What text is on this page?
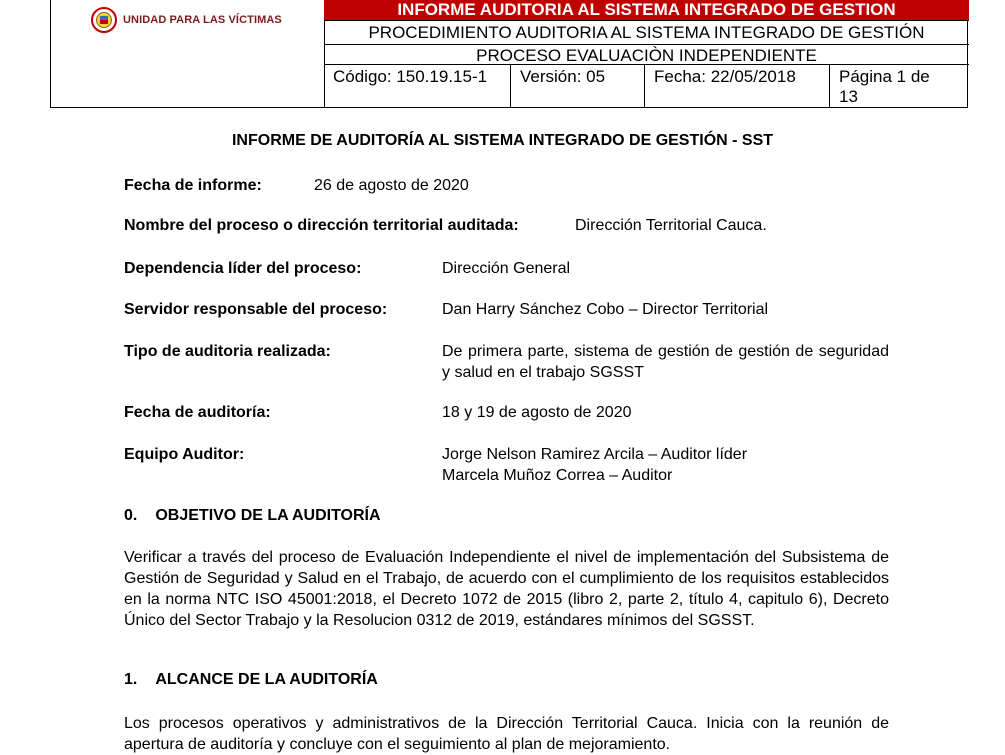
UNIDAD PARA LAS VÍCTIMAS
INFORME AUDITORIA AL SISTEMA INTEGRADO DE GESTION
PROCEDIMIENTO AUDITORIA AL SISTEMA INTEGRADO DE GESTIÓN
PROCESO EVALUACIÒN INDEPENDIENTE
Código: 150.19.15-1	Versión: 05	Fecha: 22/05/2018	Página 1 de
13
INFORME DE AUDITORÍA AL SISTEMA INTEGRADO DE GESTIÓN - SST
Fecha de informe:	26 de agosto de 2020
Nombre del proceso o dirección territorial auditada:	Dirección Territorial Cauca.
Dependencia líder del proceso:	Dirección General
Servidor responsable del proceso:	Dan Harry Sánchez Cobo – Director Territorial
Tipo de auditoria realizada:	De primera parte, sistema de gestión de gestión de seguridad y salud en el trabajo SGSST
Fecha de auditoría:	18 y 19 de agosto de 2020
Equipo Auditor:	Jorge Nelson Ramirez Arcila – Auditor líder
Marcela Muñoz Correa – Auditor
0. OBJETIVO DE LA AUDITORÍA
Verificar a través del proceso de Evaluación Independiente el nivel de implementación del Subsistema de Gestión de Seguridad y Salud en el Trabajo, de acuerdo con el cumplimiento de los requisitos establecidos en la norma NTC ISO 45001:2018, el Decreto 1072 de 2015 (libro 2, parte 2, título 4, capitulo 6), Decreto Único del Sector Trabajo y la Resolucion 0312 de 2019, estándares mínimos del SGSST.
1. ALCANCE DE LA AUDITORÍA
Los procesos operativos y administrativos de la Dirección Territorial Cauca. Inicia con la reunión de apertura de auditoría y concluye con el seguimiento al plan de mejoramiento.
